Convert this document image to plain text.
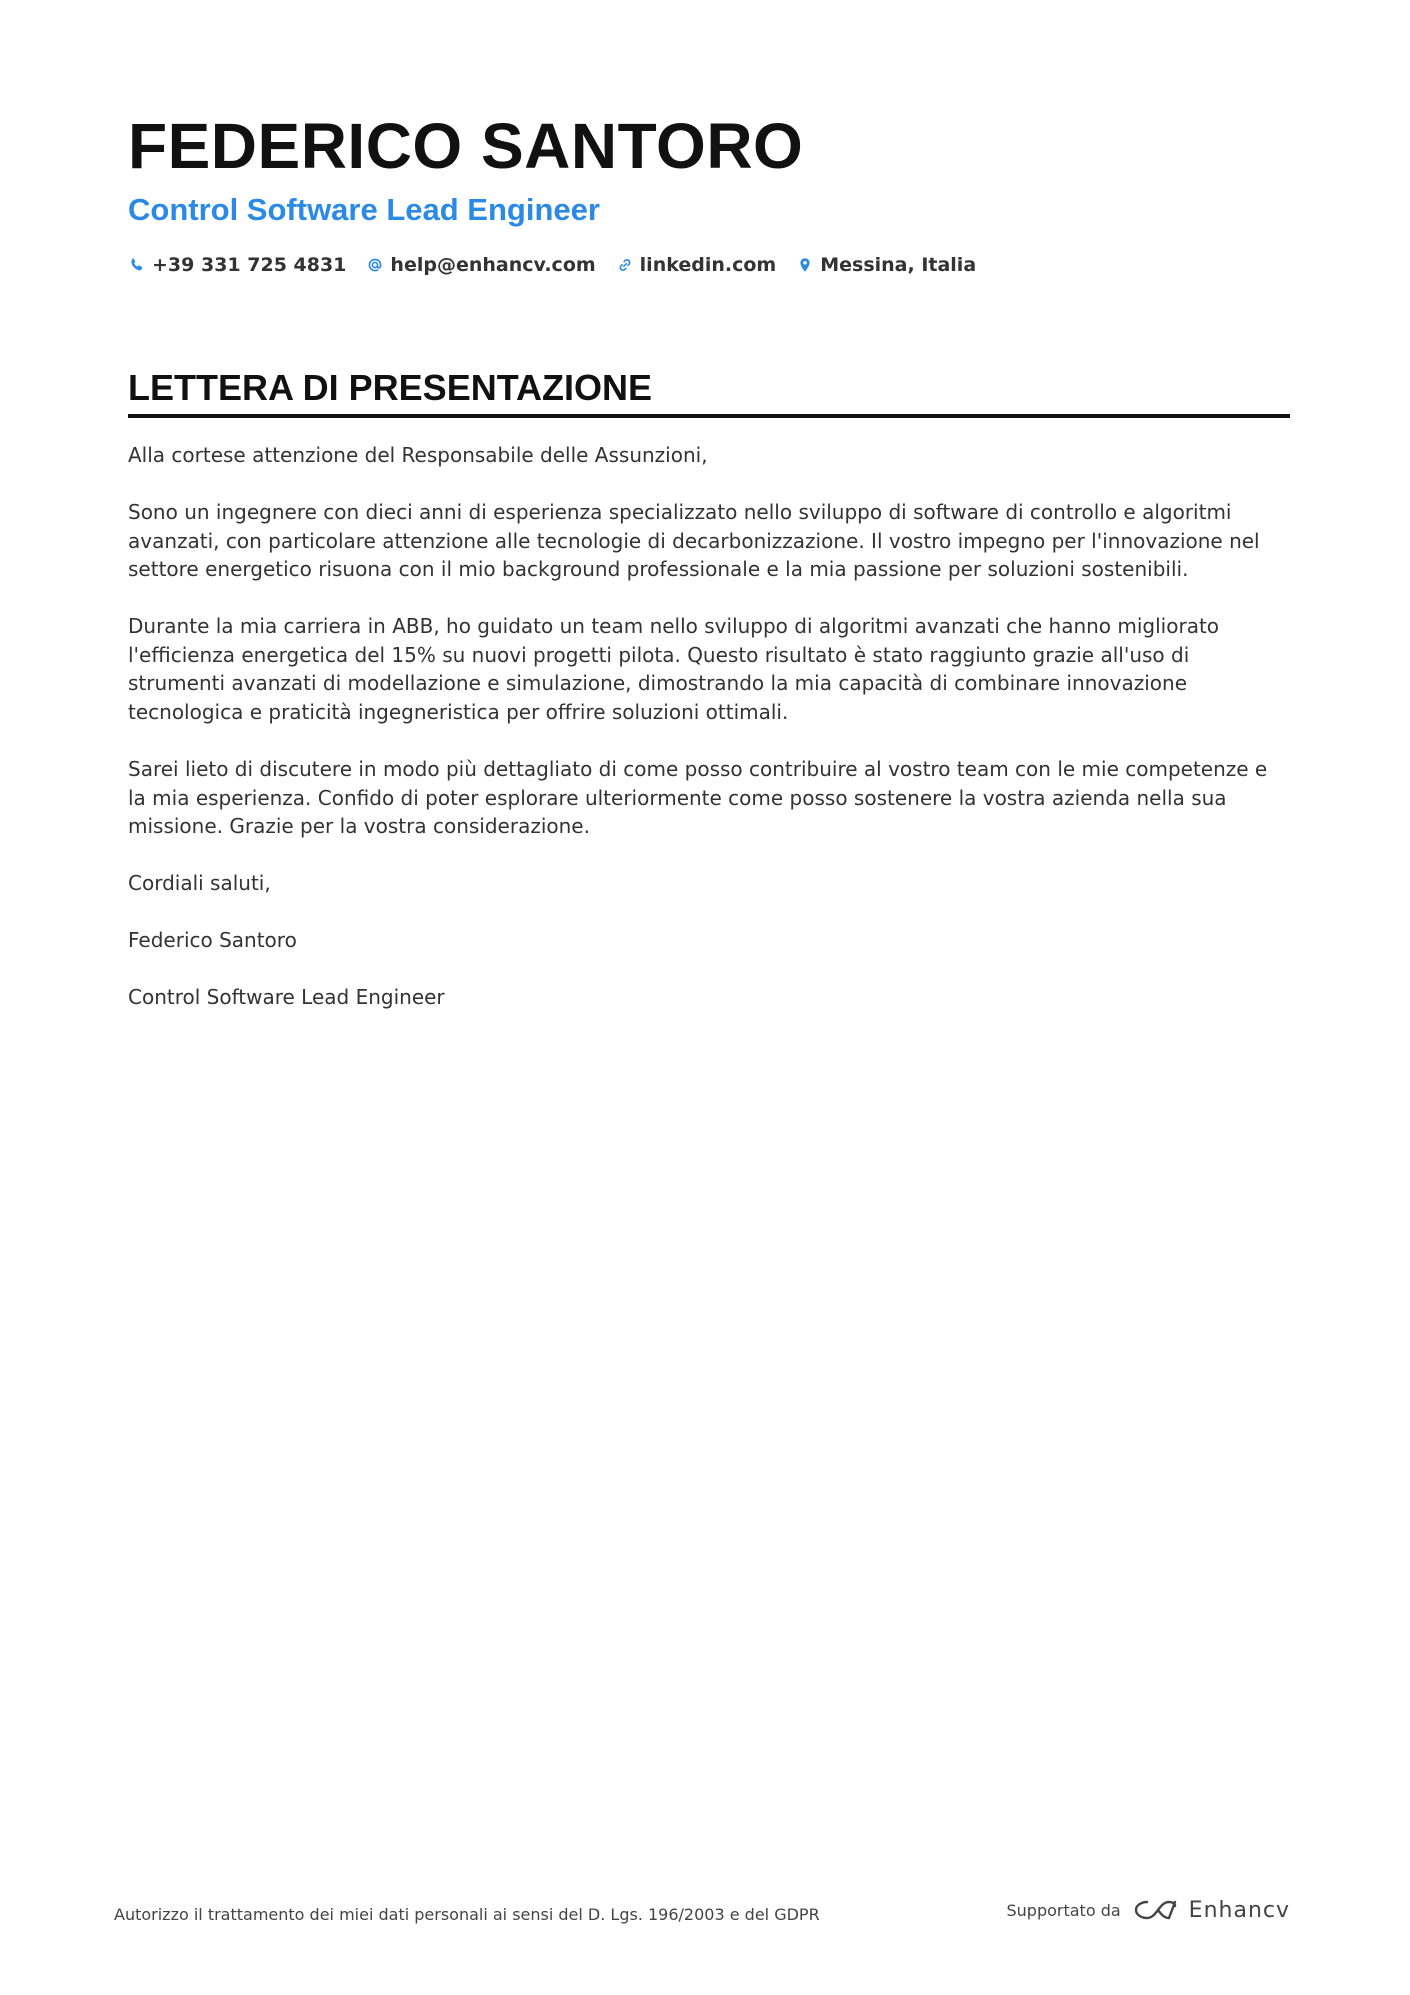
FEDERICO SANTORO
Control Software Lead Engineer
+39 331 725 4831 help@enhancv.com linkedin.com Messina, Italia
LETTERA DI PRESENTAZIONE

Alla cortese attenzione del Responsabile delle Assunzioni,

Sono un ingegnere con dieci anni di esperienza specializzato nello sviluppo di software di controllo e algoritmi avanzati, con particolare attenzione alle tecnologie di decarbonizzazione. Il vostro impegno per l'innovazione nel settore energetico risuona con il mio background professionale e la mia passione per soluzioni sostenibili.

Durante la mia carriera in ABB, ho guidato un team nello sviluppo di algoritmi avanzati che hanno migliorato l'efficienza energetica del 15% su nuovi progetti pilota. Questo risultato è stato raggiunto grazie all'uso di strumenti avanzati di modellazione e simulazione, dimostrando la mia capacità di combinare innovazione tecnologica e praticità ingegneristica per offrire soluzioni ottimali.

Sarei lieto di discutere in modo più dettagliato di come posso contribuire al vostro team con le mie competenze e la mia esperienza. Confido di poter esplorare ulteriormente come posso sostenere la vostra azienda nella sua missione. Grazie per la vostra considerazione.

Cordiali saluti,

Federico Santoro

Control Software Lead Engineer

Autorizzo il trattamento dei miei dati personali ai sensi del D. Lgs. 196/2003 e del GDPR	Supportato da	Enhancv
